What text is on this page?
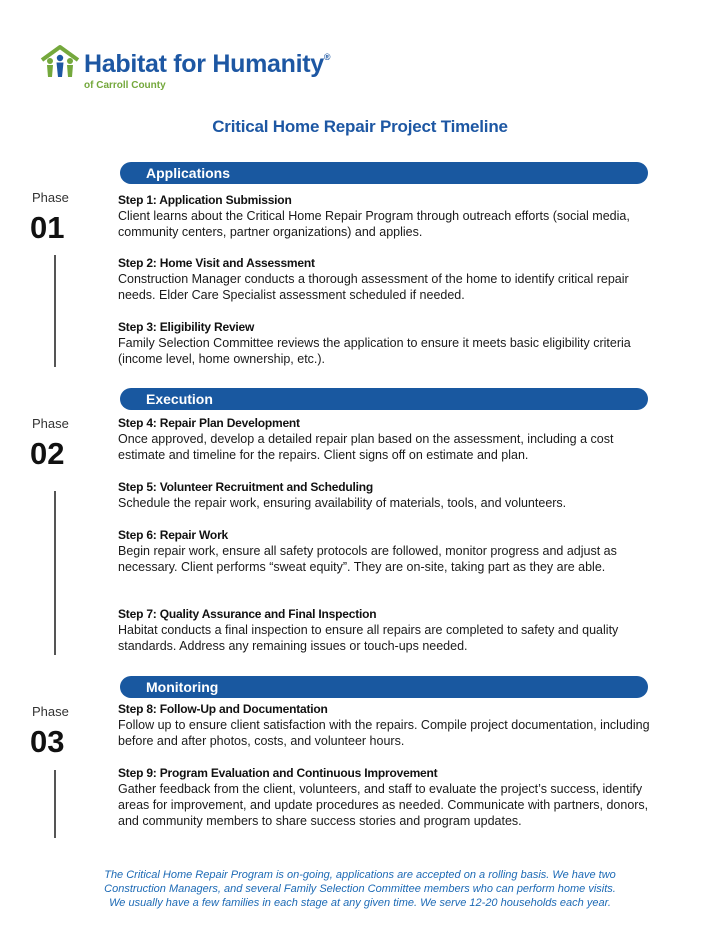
Habitat for Humanity®
of Carroll County
Critical Home Repair Project Timeline
Applications
Phase
01
Step 1: Application Submission
Client learns about the Critical Home Repair Program through outreach efforts (social media, community centers, partner organizations) and applies.
Step 2: Home Visit and Assessment
Construction Manager conducts a thorough assessment of the home to identify critical repair needs. Elder Care Specialist assessment scheduled if needed.
Step 3: Eligibility Review
Family Selection Committee reviews the application to ensure it meets basic eligibility criteria (income level, home ownership, etc.).
Execution
Phase
02
Step 4: Repair Plan Development
Once approved, develop a detailed repair plan based on the assessment, including a cost estimate and timeline for the repairs. Client signs off on estimate and plan.
Step 5: Volunteer Recruitment and Scheduling
Schedule the repair work, ensuring availability of materials, tools, and volunteers.
Step 6: Repair Work
Begin repair work, ensure all safety protocols are followed, monitor progress and adjust as necessary. Client performs “sweat equity”. They are on-site, taking part as they are able.
Step 7: Quality Assurance and Final Inspection
Habitat conducts a final inspection to ensure all repairs are completed to safety and quality standards. Address any remaining issues or touch-ups needed.
Monitoring
Phase
03
Step 8: Follow-Up and Documentation
Follow up to ensure client satisfaction with the repairs. Compile project documentation, including before and after photos, costs, and volunteer hours.
Step 9: Program Evaluation and Continuous Improvement
Gather feedback from the client, volunteers, and staff to evaluate the project’s success, identify areas for improvement, and update procedures as needed. Communicate with partners, donors, and community members to share success stories and program updates.
The Critical Home Repair Program is on-going, applications are accepted on a rolling basis. We have two
Construction Managers, and several Family Selection Committee members who can perform home visits.
We usually have a few families in each stage at any given time. We serve 12-20 households each year.
